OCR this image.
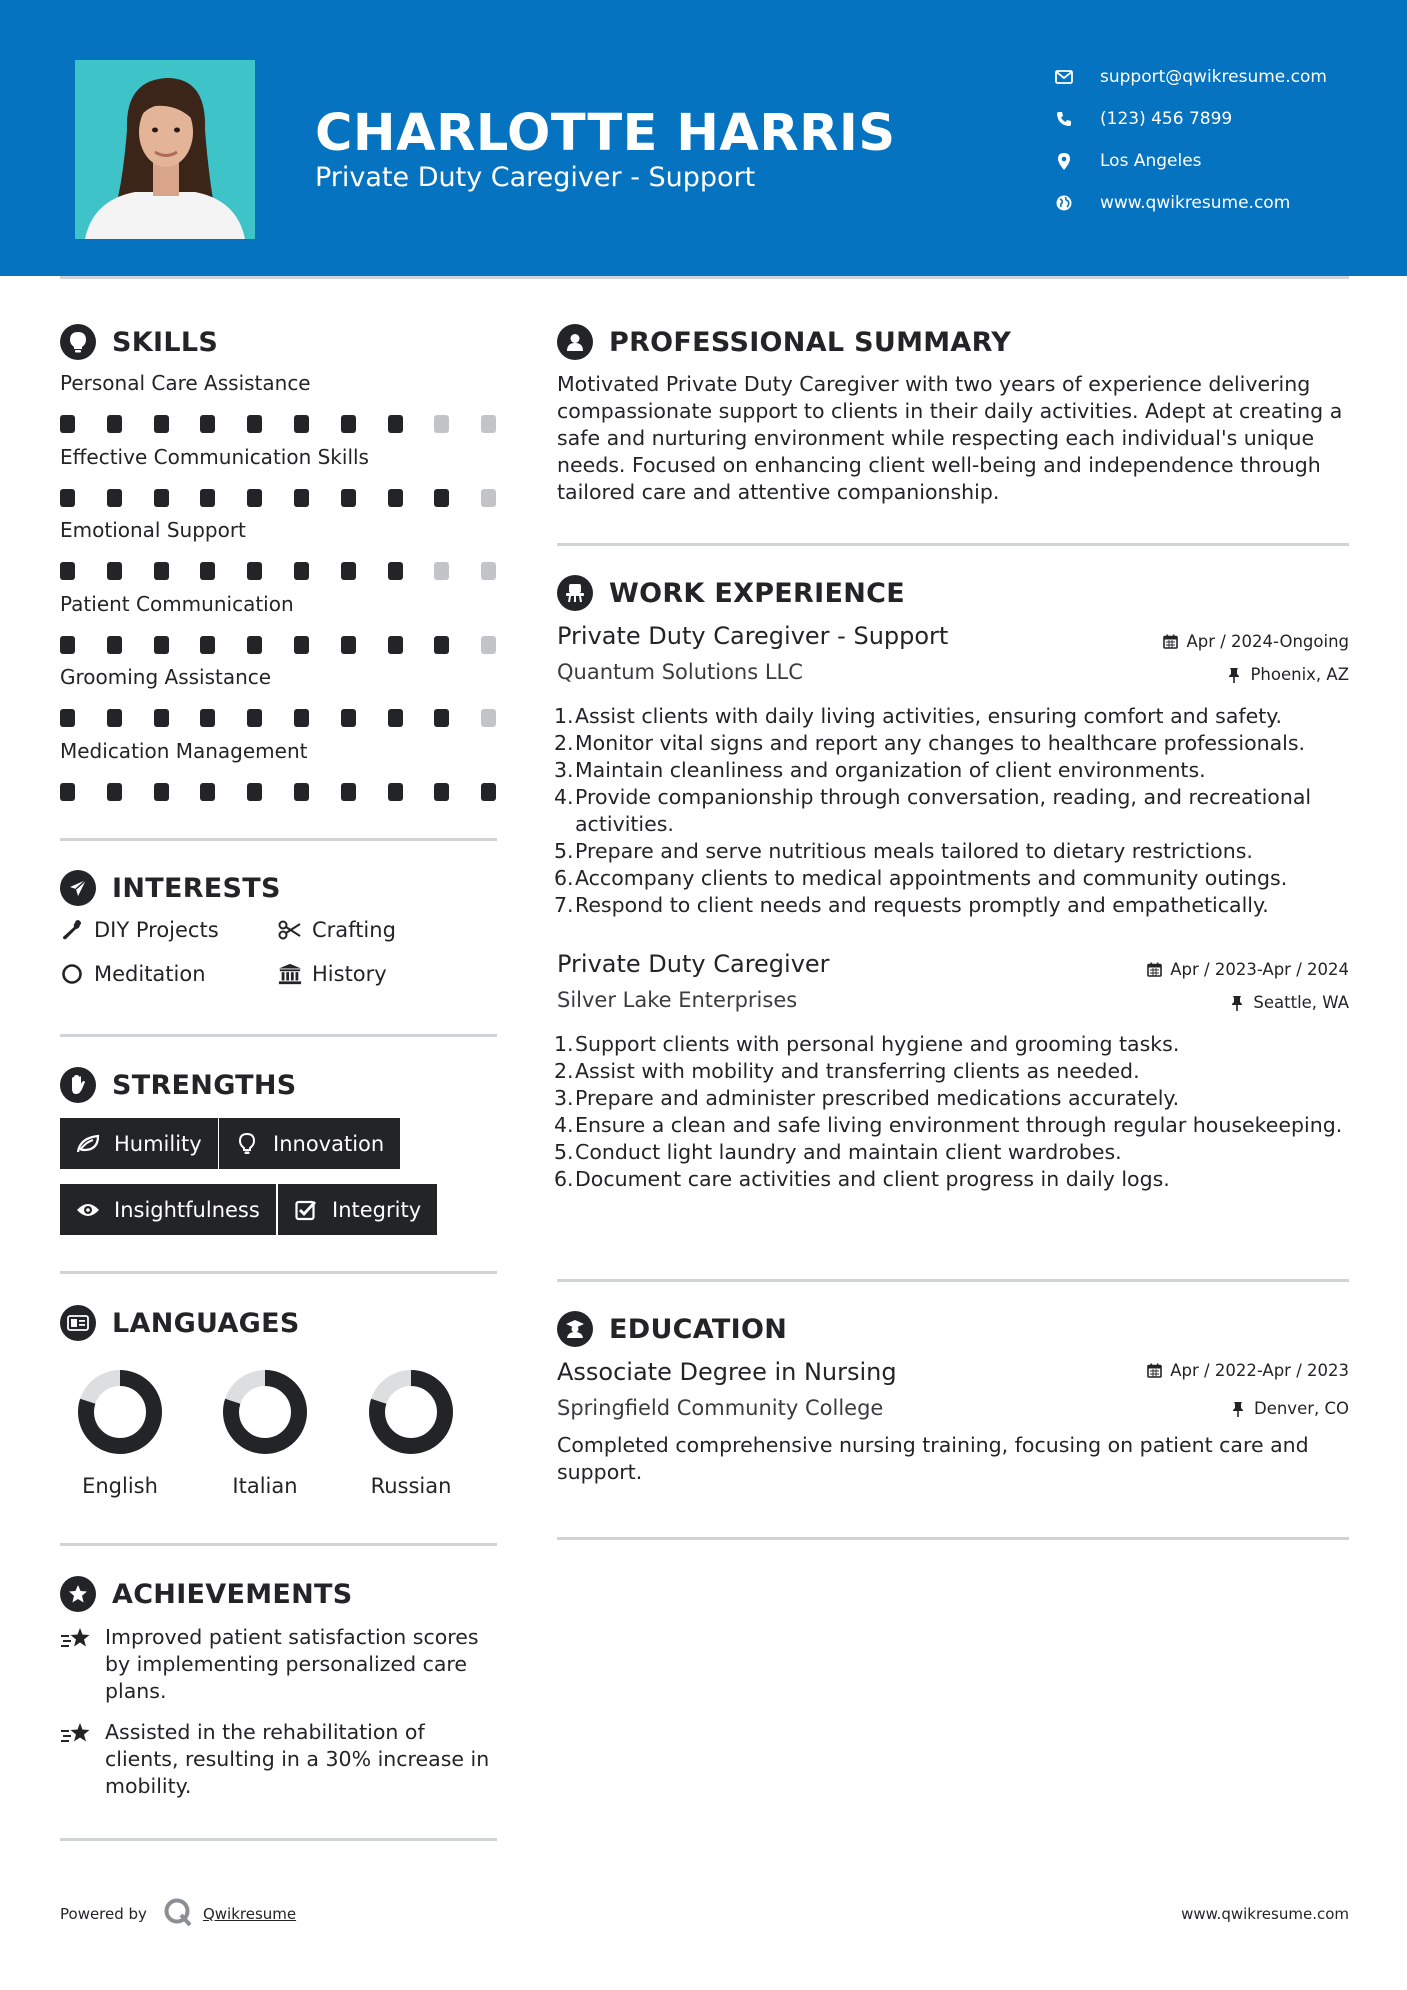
CHARLOTTE HARRIS
Private Duty Caregiver - Support
support@qwikresume.com
(123) 456 7899
Los Angeles
www.qwikresume.com
SKILLS
Personal Care Assistance
Effective Communication Skills
Emotional Support
Patient Communication
Grooming Assistance
Medication Management
INTERESTS
DIY Projects	Crafting
Meditation	History
STRENGTHS
Humility	Innovation
Insightfulness	Integrity
LANGUAGES
English	Italian	Russian
ACHIEVEMENTS
Improved patient satisfaction scores by implementing personalized care plans.
Assisted in the rehabilitation of clients, resulting in a 30% increase in mobility.
PROFESSIONAL SUMMARY
Motivated Private Duty Caregiver with two years of experience delivering compassionate support to clients in their daily activities. Adept at creating a safe and nurturing environment while respecting each individual's unique needs. Focused on enhancing client well-being and independence through tailored care and attentive companionship.
WORK EXPERIENCE
Private Duty Caregiver - Support	Apr / 2024-Ongoing
Quantum Solutions LLC	Phoenix, AZ
1. Assist clients with daily living activities, ensuring comfort and safety.
2. Monitor vital signs and report any changes to healthcare professionals.
3. Maintain cleanliness and organization of client environments.
4. Provide companionship through conversation, reading, and recreational activities.
5. Prepare and serve nutritious meals tailored to dietary restrictions.
6. Accompany clients to medical appointments and community outings.
7. Respond to client needs and requests promptly and empathetically.
Private Duty Caregiver	Apr / 2023-Apr / 2024
Silver Lake Enterprises	Seattle, WA
1. Support clients with personal hygiene and grooming tasks.
2. Assist with mobility and transferring clients as needed.
3. Prepare and administer prescribed medications accurately.
4. Ensure a clean and safe living environment through regular housekeeping.
5. Conduct light laundry and maintain client wardrobes.
6. Document care activities and client progress in daily logs.
EDUCATION
Associate Degree in Nursing	Apr / 2022-Apr / 2023
Springfield Community College	Denver, CO
Completed comprehensive nursing training, focusing on patient care and support.
Powered by	Qwikresume	www.qwikresume.com
